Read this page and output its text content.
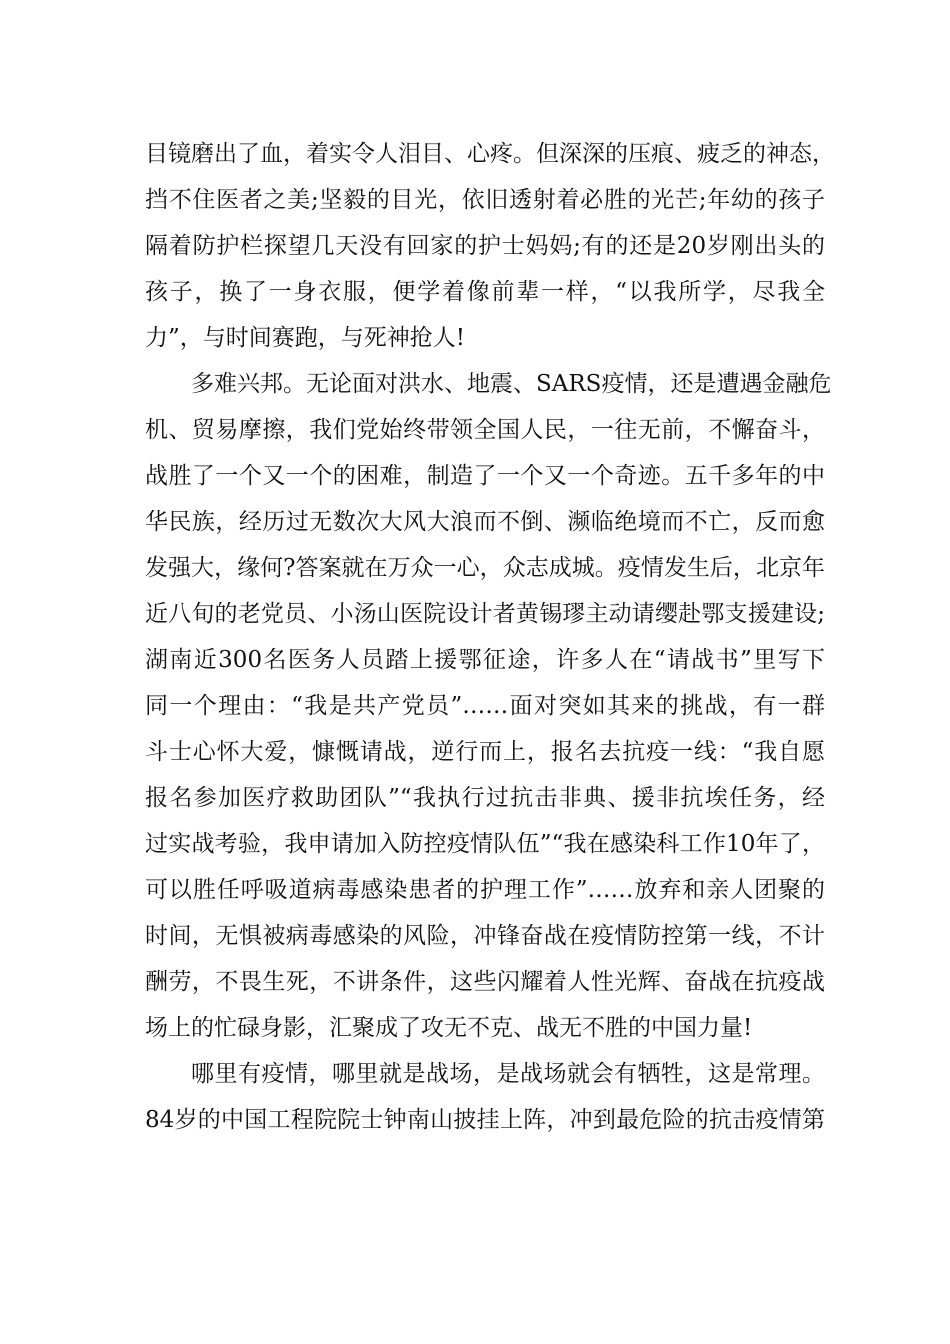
目镜磨出了血，着实令人泪目、心疼。但深深的压痕、疲乏的神态，
挡不住医者之美;坚毅的目光，依旧透射着必胜的光芒;年幼的孩子
隔着防护栏探望几天没有回家的护士妈妈;有的还是20岁刚出头的
孩子，换了一身衣服，便学着像前辈一样，“以我所学，尽我全
力”，与时间赛跑，与死神抢人!
多难兴邦。无论面对洪水、地震、SARS疫情，还是遭遇金融危
机、贸易摩擦，我们党始终带领全国人民，一往无前，不懈奋斗，
战胜了一个又一个的困难，制造了一个又一个奇迹。五千多年的中
华民族，经历过无数次大风大浪而不倒、濒临绝境而不亡，反而愈
发强大，缘何?答案就在万众一心，众志成城。疫情发生后，北京年
近八旬的老党员、小汤山医院设计者黄锡璆主动请缨赴鄂支援建设;
湖南近300名医务人员踏上援鄂征途，许多人在“请战书”里写下
同一个理由：“我是共产党员”……面对突如其来的挑战，有一群
斗士心怀大爱，慷慨请战，逆行而上，报名去抗疫一线：“我自愿
报名参加医疗救助团队”“我执行过抗击非典、援非抗埃任务，经
过实战考验，我申请加入防控疫情队伍”“我在感染科工作10年了，
可以胜任呼吸道病毒感染患者的护理工作”……放弃和亲人团聚的
时间，无惧被病毒感染的风险，冲锋奋战在疫情防控第一线，不计
酬劳，不畏生死，不讲条件，这些闪耀着人性光辉、奋战在抗疫战
场上的忙碌身影，汇聚成了攻无不克、战无不胜的中国力量!
哪里有疫情，哪里就是战场，是战场就会有牺牲，这是常理。
84岁的中国工程院院士钟南山披挂上阵，冲到最危险的抗击疫情第
